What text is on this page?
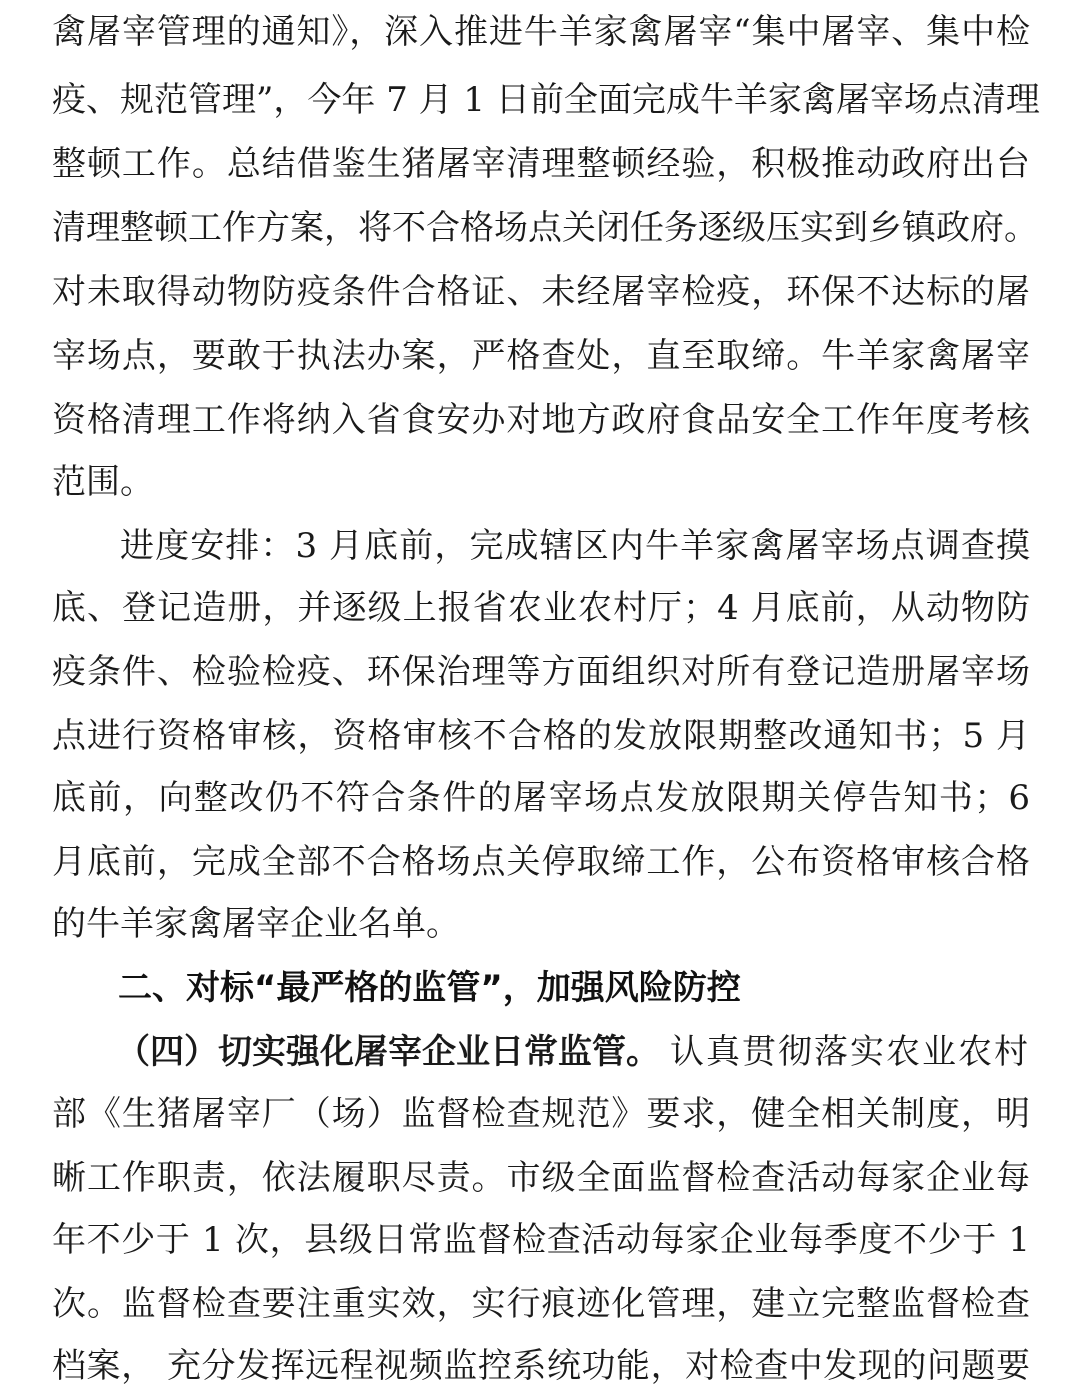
禽屠宰管理的通知》，深入推进牛羊家禽屠宰“集中屠宰、集中检
疫、规范管理”，今年 7 月 1 日前全面完成牛羊家禽屠宰场点清理
整顿工作。总结借鉴生猪屠宰清理整顿经验，积极推动政府出台
清理整顿工作方案，将不合格场点关闭任务逐级压实到乡镇政府。
对未取得动物防疫条件合格证、未经屠宰检疫，环保不达标的屠
宰场点，要敢于执法办案，严格查处，直至取缔。牛羊家禽屠宰
资格清理工作将纳入省食安办对地方政府食品安全工作年度考核
范围。
进度安排：3 月底前，完成辖区内牛羊家禽屠宰场点调查摸
底、登记造册，并逐级上报省农业农村厅；4 月底前，从动物防
疫条件、检验检疫、环保治理等方面组织对所有登记造册屠宰场
点进行资格审核，资格审核不合格的发放限期整改通知书；5 月
底前，向整改仍不符合条件的屠宰场点发放限期关停告知书；6
月底前，完成全部不合格场点关停取缔工作，公布资格审核合格
的牛羊家禽屠宰企业名单。
二、对标“最严格的监管”，加强风险防控
（四）切实强化屠宰企业日常监管。 认真贯彻落实农业农村
部《生猪屠宰厂（场）监督检查规范》要求，健全相关制度，明
晰工作职责，依法履职尽责。市级全面监督检查活动每家企业每
年不少于 1 次，县级日常监督检查活动每家企业每季度不少于 1
次。监督检查要注重实效，实行痕迹化管理，建立完整监督检查
档案， 充分发挥远程视频监控系统功能，对检查中发现的问题要
